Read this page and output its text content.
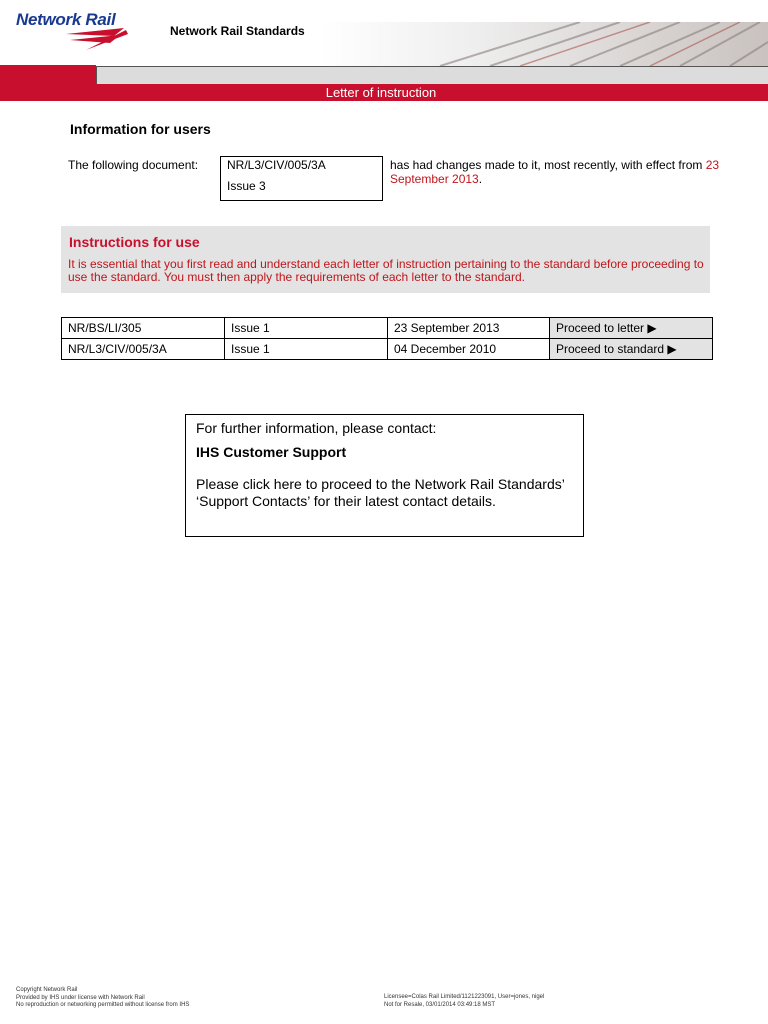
Network Rail
Network Rail Standards
Letter of instruction
Information for users
The following document: NR/L3/CIV/005/3A
Issue 3
has had changes made to it, most recently, with effect from 23 September 2013.
Instructions for use
It is essential that you first read and understand each letter of instruction pertaining to the standard before proceeding to use the standard. You must then apply the requirements of each letter to the standard.
NR/BS/LI/305	Issue 1	23 September 2013	Proceed to letter ▶
NR/L3/CIV/005/3A	Issue 1	04 December 2010	Proceed to standard ▶
For further information, please contact:
IHS Customer Support
Please click here to proceed to the Network Rail Standards’ ‘Support Contacts’ for their latest contact details.
Copyright Network Rail
Provided by IHS under license with Network Rail
No reproduction or networking permitted without license from IHS
Licensee=Colas Rail Limited/1121223091, User=jones, nigel
Not for Resale, 03/01/2014 03:49:18 MST
